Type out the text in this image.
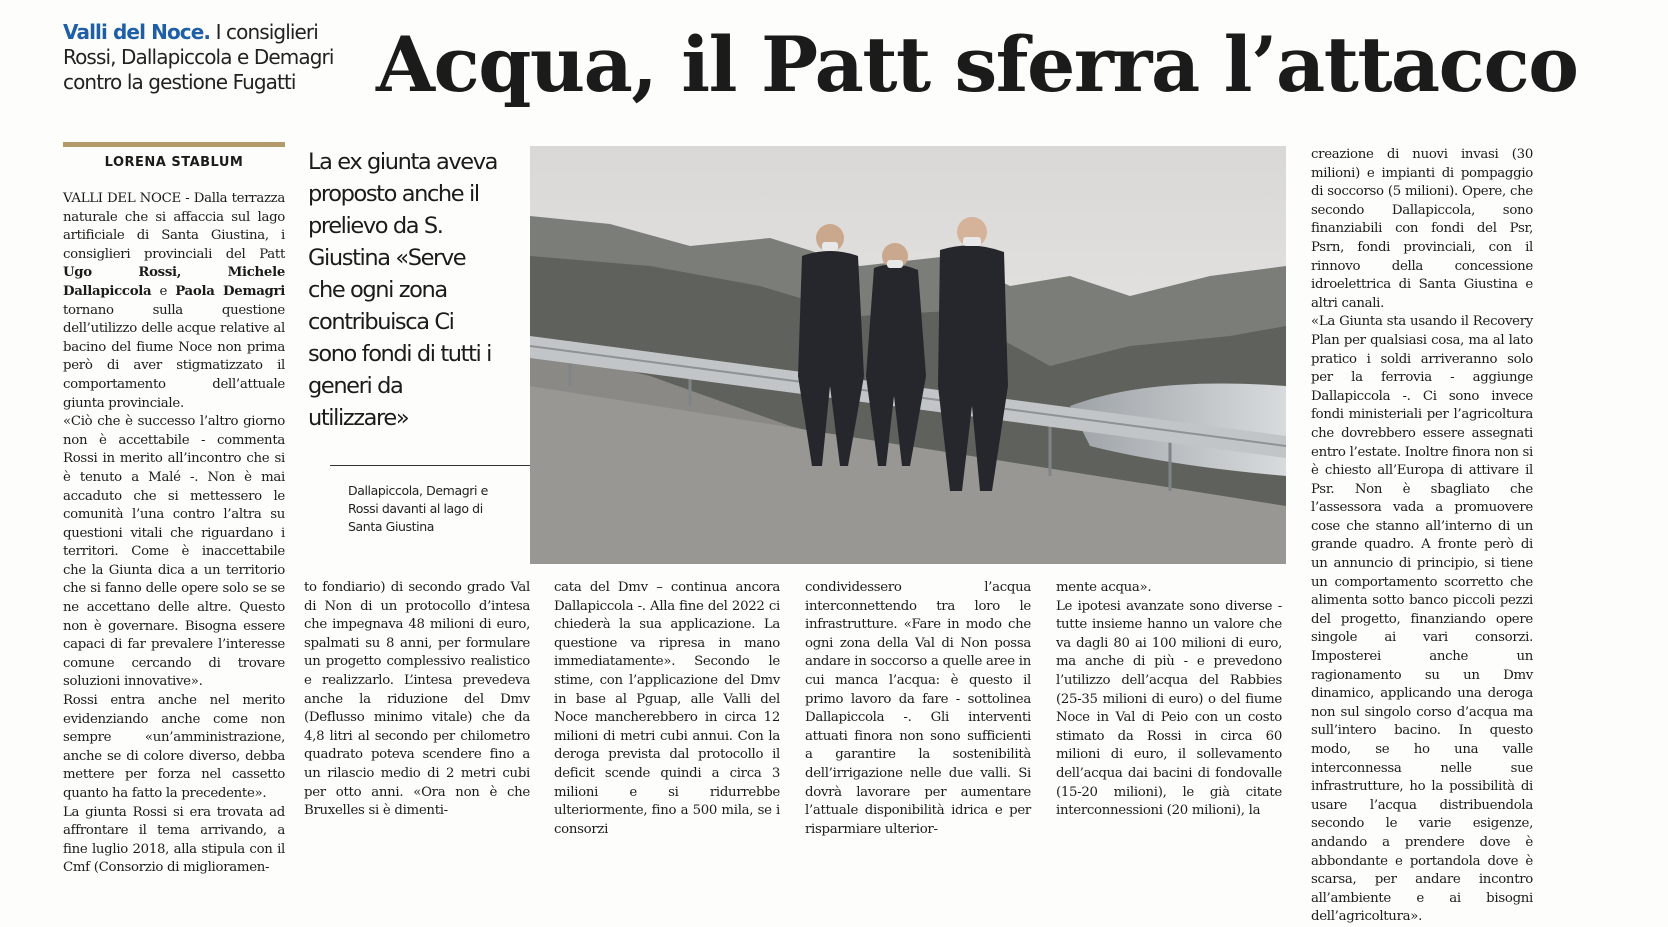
Valli del Noce. I consiglieri Rossi, Dallapiccola e Demagri contro la gestione Fugatti	Acqua, il Patt sferra l’attacco
LORENA STABLUM

VALLI DEL NOCE - Dalla terrazza naturale che si affaccia sul lago artificiale di Santa Giustina, i consiglieri provinciali del Patt Ugo Rossi, Michele Dallapiccola e Paola Demagri tornano sulla questione dell’utilizzo delle acque relative al bacino del fiume Noce non prima però di aver stigmatizzato il comportamento dell’attuale giunta provinciale.

«Ciò che è successo l’altro giorno non è accettabile - commenta Rossi in merito all’incontro che si è tenuto a Malé -. Non è mai accaduto che si mettessero le comunità l’una contro l’altra su questioni vitali che riguardano i territori. Come è inaccettabile che la Giunta dica a un territorio che si fanno delle opere solo se se ne accettano delle altre. Questo non è governare. Bisogna essere capaci di far prevalere l’interesse comune cercando di trovare soluzioni innovative».

Rossi entra anche nel merito evidenziando anche come non sempre «un’amministrazione, anche se di colore diverso, debba mettere per forza nel cassetto quanto ha fatto la precedente».

La giunta Rossi si era trovata ad affrontare il tema arrivando, a fine luglio 2018, alla stipula con il Cmf (Consorzio di miglioramen-

La ex giunta aveva proposto anche il prelievo da S. Giustina «Serve che ogni zona contribuisca Ci sono fondi di tutti i generi da utilizzare»
Dallapiccola, Demagri e Rossi davanti al lago di Santa Giustina
to fondiario) di secondo grado Val di Non di un protocollo d’intesa che impegnava 48 milioni di euro, spalmati su 8 anni, per formulare un progetto complessivo realistico e realizzarlo. L’intesa prevedeva anche la riduzione del Dmv (Deflusso minimo vitale) che da 4,8 litri al secondo per chilometro quadrato poteva scendere fino a un rilascio medio di 2 metri cubi per otto anni. «Ora non è che Bruxelles si è dimenti-
cata del Dmv – continua ancora Dallapiccola -. Alla fine del 2022 ci chiederà la sua applicazione. La questione va ripresa in mano immediatamente». Secondo le stime, con l’applicazione del Dmv in base al Pguap, alle Valli del Noce mancherebbero in circa 12 milioni di metri cubi annui. Con la deroga prevista dal protocollo il deficit scende quindi a circa 3 milioni e si ridurrebbe ulteriormente, fino a 500 mila, se i consorzi
condividessero l’acqua interconnettendo tra loro le infrastrutture. «Fare in modo che ogni zona della Val di Non possa andare in soccorso a quelle aree in cui manca l’acqua: è questo il primo lavoro da fare - sottolinea Dallapiccola -. Gli interventi attuati finora non sono sufficienti a garantire la sostenibilità dell’irrigazione nelle due valli. Si dovrà lavorare per aumentare l’attuale disponibilità idrica e per risparmiare ulterior-

mente acqua».

Le ipotesi avanzate sono diverse - tutte insieme hanno un valore che va dagli 80 ai 100 milioni di euro, ma anche di più - e prevedono l’utilizzo dell’acqua del Rabbies (25-35 milioni di euro) o del fiume Noce in Val di Peio con un costo stimato da Rossi in circa 60 milioni di euro, il sollevamento dell’acqua dai bacini di fondovalle (15-20 milioni), le già citate interconnessioni (20 milioni), la

creazione di nuovi invasi (30 milioni) e impianti di pompaggio di soccorso (5 milioni). Opere, che secondo Dallapiccola, sono finanziabili con fondi del Psr, Psrn, fondi provinciali, con il rinnovo della concessione idroelettrica di Santa Giustina e altri canali.

«La Giunta sta usando il Recovery Plan per qualsiasi cosa, ma al lato pratico i soldi arriveranno solo per la ferrovia - aggiunge Dallapiccola -. Ci sono invece fondi ministeriali per l’agricoltura che dovrebbero essere assegnati entro l’estate. Inoltre finora non si è chiesto all’Europa di attivare il Psr. Non è sbagliato che l’assessora vada a promuovere cose che stanno all’interno di un grande quadro. A fronte però di un annuncio di principio, si tiene un comportamento scorretto che alimenta sotto banco piccoli pezzi del progetto, finanziando opere singole ai vari consorzi. Imposterei anche un ragionamento su un Dmv dinamico, applicando una deroga non sul singolo corso d’acqua ma sull’intero bacino. In questo modo, se ho una valle interconnessa nelle sue infrastrutture, ho la possibilità di usare l’acqua distribuendola secondo le varie esigenze, andando a prendere dove è abbondante e portandola dove è scarsa, per andare incontro all’ambiente e ai bisogni dell’agricoltura».
